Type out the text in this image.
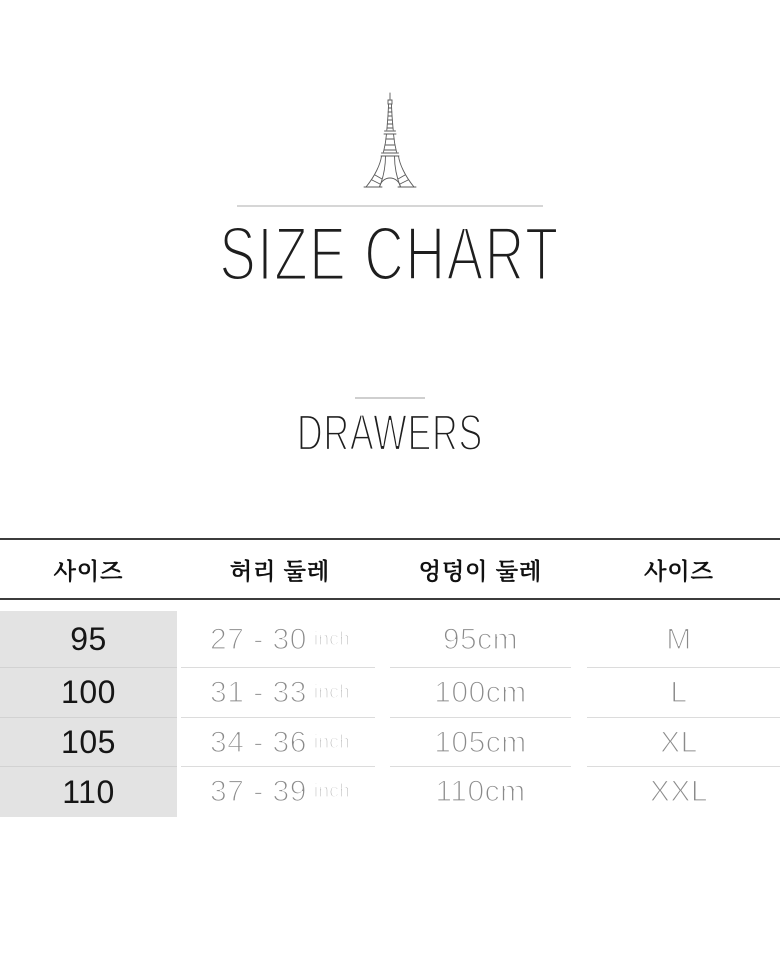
SIZE CHART
DRAWERS
사이즈	허리 둘레	엉덩이 둘레	사이즈
95	27 - 30 inch	95cm	M
100	31 - 33 inch	100cm	L
105	34 - 36 inch	105cm	XL
110	37 - 39 inch	110cm	XXL
